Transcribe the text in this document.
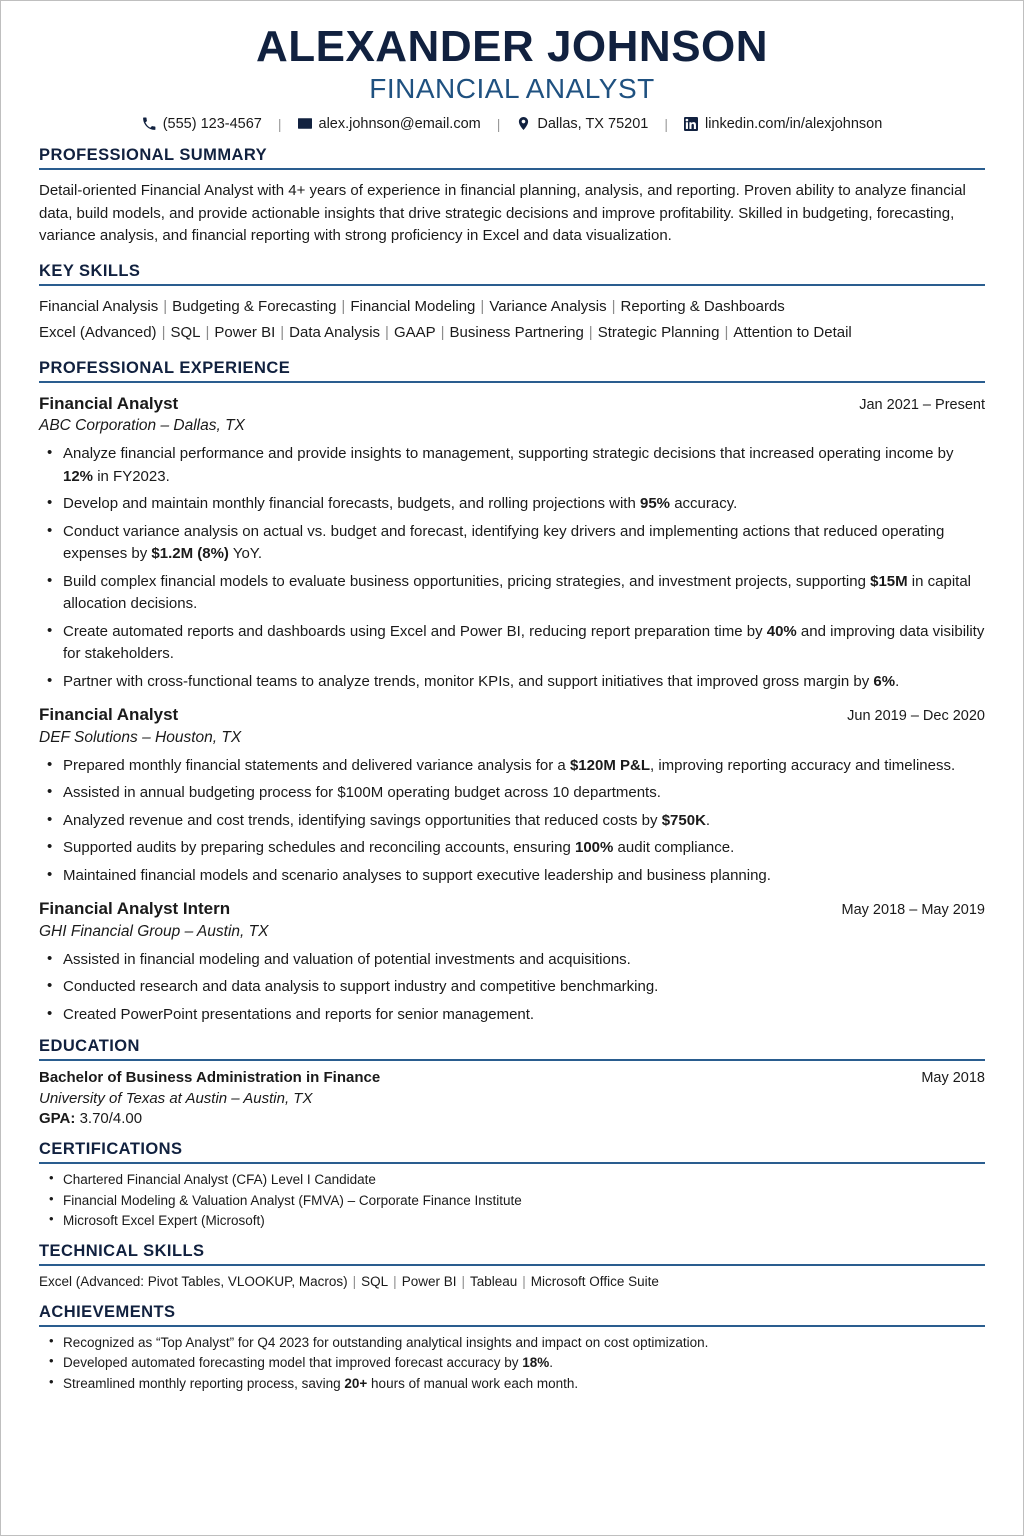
ALEXANDER JOHNSON
FINANCIAL ANALYST
(555) 123-4567	|	alex.johnson@email.com	|	Dallas, TX 75201	|	linkedin.com/in/alexjohnson
PROFESSIONAL SUMMARY
Detail-oriented Financial Analyst with 4+ years of experience in financial planning, analysis, and reporting. Proven ability to analyze financial data, build models, and provide actionable insights that drive strategic decisions and improve profitability. Skilled in budgeting, forecasting, variance analysis, and financial reporting with strong proficiency in Excel and data visualization.
KEY SKILLS
Financial Analysis | Budgeting & Forecasting | Financial Modeling | Variance Analysis | Reporting & Dashboards
Excel (Advanced) | SQL | Power BI | Data Analysis | GAAP | Business Partnering | Strategic Planning | Attention to Detail
PROFESSIONAL EXPERIENCE
Financial Analyst	Jan 2021 – Present
ABC Corporation – Dallas, TX
• Analyze financial performance and provide insights to management, supporting strategic decisions that increased operating income by 12% in FY2023.
• Develop and maintain monthly financial forecasts, budgets, and rolling projections with 95% accuracy.
• Conduct variance analysis on actual vs. budget and forecast, identifying key drivers and implementing actions that reduced operating expenses by $1.2M (8%) YoY.
• Build complex financial models to evaluate business opportunities, pricing strategies, and investment projects, supporting $15M in capital allocation decisions.
• Create automated reports and dashboards using Excel and Power BI, reducing report preparation time by 40% and improving data visibility for stakeholders.
• Partner with cross-functional teams to analyze trends, monitor KPIs, and support initiatives that improved gross margin by 6%.
Financial Analyst	Jun 2019 – Dec 2020
DEF Solutions – Houston, TX
• Prepared monthly financial statements and delivered variance analysis for a $120M P&L, improving reporting accuracy and timeliness.
• Assisted in annual budgeting process for $100M operating budget across 10 departments.
• Analyzed revenue and cost trends, identifying savings opportunities that reduced costs by $750K.
• Supported audits by preparing schedules and reconciling accounts, ensuring 100% audit compliance.
• Maintained financial models and scenario analyses to support executive leadership and business planning.
Financial Analyst Intern	May 2018 – May 2019
GHI Financial Group – Austin, TX
• Assisted in financial modeling and valuation of potential investments and acquisitions.
• Conducted research and data analysis to support industry and competitive benchmarking.
• Created PowerPoint presentations and reports for senior management.
EDUCATION
Bachelor of Business Administration in Finance	May 2018
University of Texas at Austin – Austin, TX
GPA: 3.70/4.00
CERTIFICATIONS
• Chartered Financial Analyst (CFA) Level I Candidate
• Financial Modeling & Valuation Analyst (FMVA) – Corporate Finance Institute
• Microsoft Excel Expert (Microsoft)
TECHNICAL SKILLS
Excel (Advanced: Pivot Tables, VLOOKUP, Macros) | SQL | Power BI | Tableau | Microsoft Office Suite
ACHIEVEMENTS
• Recognized as “Top Analyst” for Q4 2023 for outstanding analytical insights and impact on cost optimization.
• Developed automated forecasting model that improved forecast accuracy by 18%.
• Streamlined monthly reporting process, saving 20+ hours of manual work each month.
